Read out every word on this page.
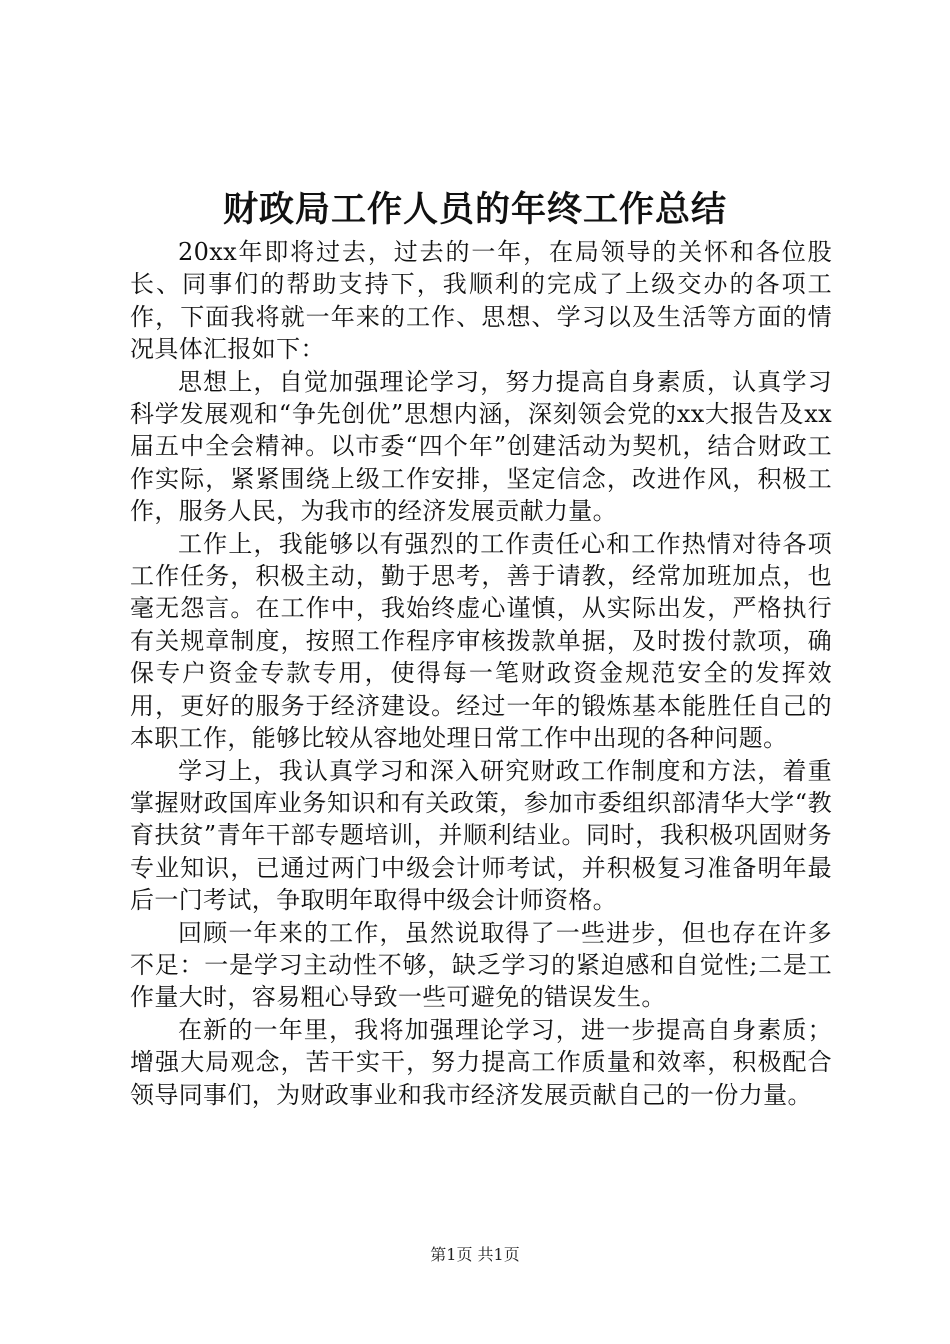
财政局工作人员的年终工作总结

20xx年即将过去，过去的一年，在局领导的关怀和各位股长、同事们的帮助支持下，我顺利的完成了上级交办的各项工作，下面我将就一年来的工作、思想、学习以及生活等方面的情况具体汇报如下：

思想上，自觉加强理论学习，努力提高自身素质，认真学习科学发展观和“争先创优”思想内涵，深刻领会党的xx大报告及xx届五中全会精神。以市委“四个年”创建活动为契机，结合财政工作实际，紧紧围绕上级工作安排，坚定信念，改进作风，积极工作，服务人民，为我市的经济发展贡献力量。

工作上，我能够以有强烈的工作责任心和工作热情对待各项工作任务，积极主动，勤于思考，善于请教，经常加班加点，也毫无怨言。在工作中，我始终虚心谨慎，从实际出发，严格执行有关规章制度，按照工作程序审核拨款单据，及时拨付款项，确保专户资金专款专用，使得每一笔财政资金规范安全的发挥效用，更好的服务于经济建设。经过一年的锻炼基本能胜任自己的本职工作，能够比较从容地处理日常工作中出现的各种问题。

学习上，我认真学习和深入研究财政工作制度和方法，着重掌握财政国库业务知识和有关政策，参加市委组织部清华大学“教育扶贫”青年干部专题培训，并顺利结业。同时，我积极巩固财务专业知识，已通过两门中级会计师考试，并积极复习准备明年最后一门考试，争取明年取得中级会计师资格。

回顾一年来的工作，虽然说取得了一些进步，但也存在许多不足：一是学习主动性不够，缺乏学习的紧迫感和自觉性;二是工作量大时，容易粗心导致一些可避免的错误发生。

在新的一年里，我将加强理论学习，进一步提高自身素质；增强大局观念，苦干实干，努力提高工作质量和效率，积极配合领导同事们，为财政事业和我市经济发展贡献自己的一份力量。

第1页 共1页
